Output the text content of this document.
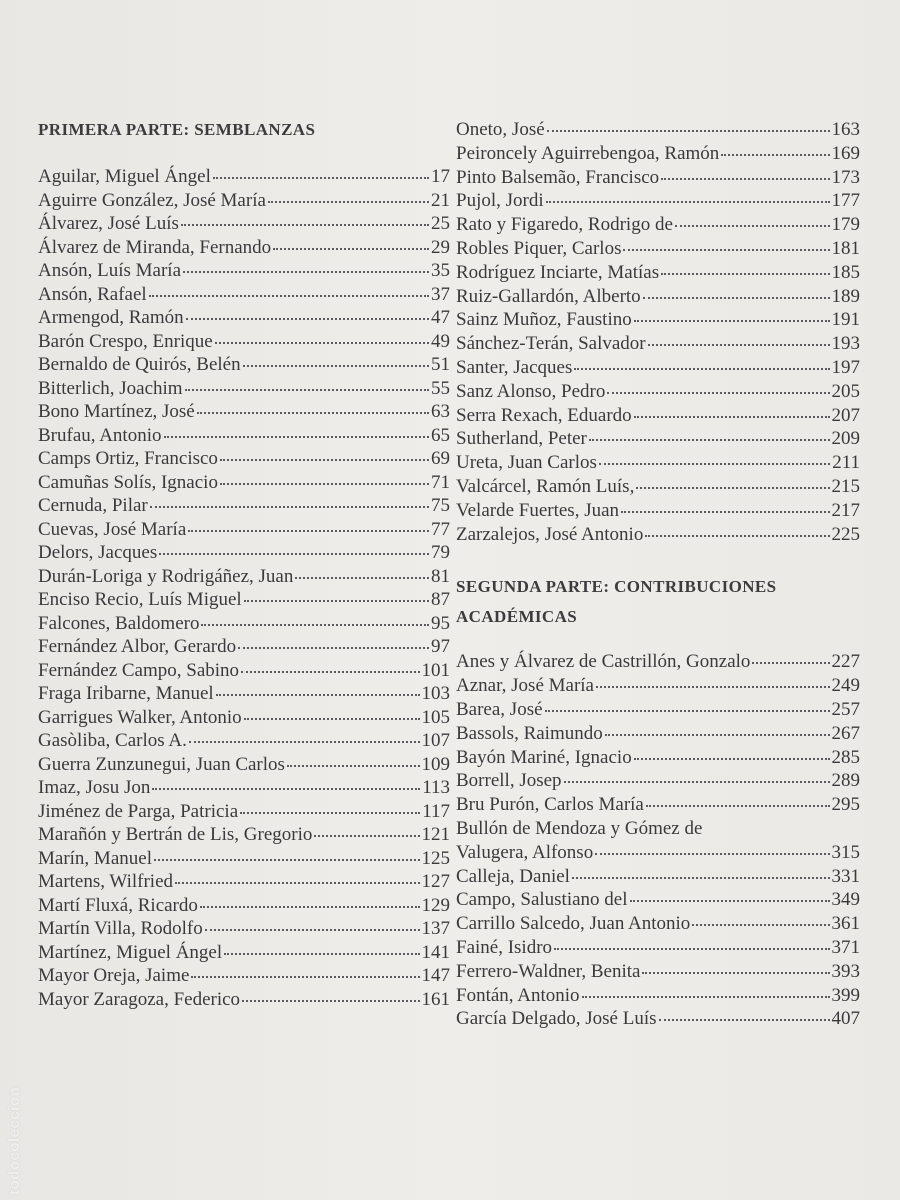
PRIMERA PARTE: SEMBLANZAS
Aguilar, Miguel Ángel	17
Aguirre González, José María	21
Álvarez, José Luís	25
Álvarez de Miranda, Fernando	29
Ansón, Luís María	35
Ansón, Rafael	37
Armengod, Ramón	47
Barón Crespo, Enrique	49
Bernaldo de Quirós, Belén	51
Bitterlich, Joachim	55
Bono Martínez, José	63
Brufau, Antonio	65
Camps Ortiz, Francisco	69
Camuñas Solís, Ignacio	71
Cernuda, Pilar	75
Cuevas, José María	77
Delors, Jacques	79
Durán-Loriga y Rodrigáñez, Juan	81
Enciso Recio, Luís Miguel	87
Falcones, Baldomero	95
Fernández Albor, Gerardo	97
Fernández Campo, Sabino	101
Fraga Iribarne, Manuel	103
Garrigues Walker, Antonio	105
Gasòliba, Carlos A.	107
Guerra Zunzunegui, Juan Carlos	109
Imaz, Josu Jon	113
Jiménez de Parga, Patricia	117
Marañón y Bertrán de Lis, Gregorio	121
Marín, Manuel	125
Martens, Wilfried	127
Martí Fluxá, Ricardo	129
Martín Villa, Rodolfo	137
Martínez, Miguel Ángel	141
Mayor Oreja, Jaime	147
Mayor Zaragoza, Federico	161
Oneto, José	163
Peironcely Aguirrebengoa, Ramón	169
Pinto Balsemão, Francisco	173
Pujol, Jordi	177
Rato y Figaredo, Rodrigo de	179
Robles Piquer, Carlos	181
Rodríguez Inciarte, Matías	185
Ruiz-Gallardón, Alberto	189
Sainz Muñoz, Faustino	191
Sánchez-Terán, Salvador	193
Santer, Jacques	197
Sanz Alonso, Pedro	205
Serra Rexach, Eduardo	207
Sutherland, Peter	209
Ureta, Juan Carlos	211
Valcárcel, Ramón Luís,	215
Velarde Fuertes, Juan	217
Zarzalejos, José Antonio	225
SEGUNDA PARTE: CONTRIBUCIONES
ACADÉMICAS
Anes y Álvarez de Castrillón, Gonzalo	227
Aznar, José María	249
Barea, José	257
Bassols, Raimundo	267
Bayón Mariné, Ignacio	285
Borrell, Josep	289
Bru Purón, Carlos María	295
Bullón de Mendoza y Gómez de
Valugera, Alfonso	315
Calleja, Daniel	331
Campo, Salustiano del	349
Carrillo Salcedo, Juan Antonio	361
Fainé, Isidro	371
Ferrero-Waldner, Benita	393
Fontán, Antonio	399
García Delgado, José Luís	407
todocoleccion
